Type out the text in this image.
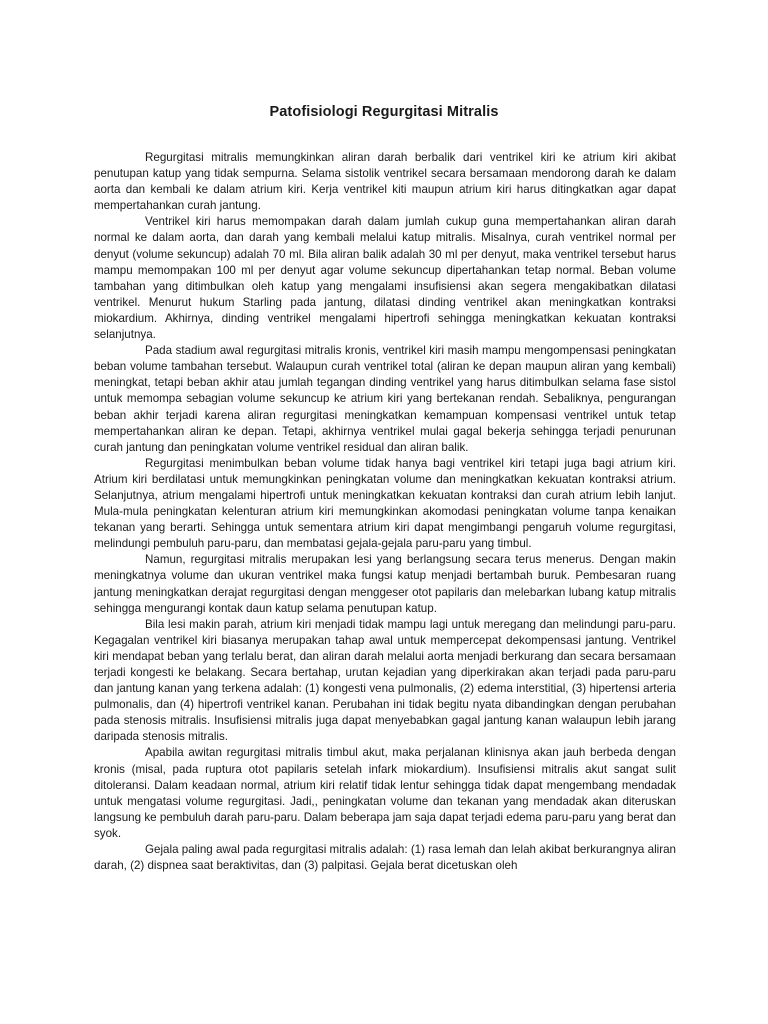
Patofisiologi Regurgitasi Mitralis

Regurgitasi mitralis memungkinkan aliran darah berbalik dari ventrikel kiri ke atrium kiri akibat penutupan katup yang tidak sempurna. Selama sistolik ventrikel secara bersamaan mendorong darah ke dalam aorta dan kembali ke dalam atrium kiri. Kerja ventrikel kiti maupun atrium kiri harus ditingkatkan agar dapat mempertahankan curah jantung.

Ventrikel kiri harus memompakan darah dalam jumlah cukup guna mempertahankan aliran darah normal ke dalam aorta, dan darah yang kembali melalui katup mitralis. Misalnya, curah ventrikel normal per denyut (volume sekuncup) adalah 70 ml. Bila aliran balik adalah 30 ml per denyut, maka ventrikel tersebut harus mampu memompakan 100 ml per denyut agar volume sekuncup dipertahankan tetap normal. Beban volume tambahan yang ditimbulkan oleh katup yang mengalami insufisiensi akan segera mengakibatkan dilatasi ventrikel. Menurut hukum Starling pada jantung, dilatasi dinding ventrikel akan meningkatkan kontraksi miokardium. Akhirnya, dinding ventrikel mengalami hipertrofi sehingga meningkatkan kekuatan kontraksi selanjutnya.

Pada stadium awal regurgitasi mitralis kronis, ventrikel kiri masih mampu mengompensasi peningkatan beban volume tambahan tersebut. Walaupun curah ventrikel total (aliran ke depan maupun aliran yang kembali) meningkat, tetapi beban akhir atau jumlah tegangan dinding ventrikel yang harus ditimbulkan selama fase sistol untuk memompa sebagian volume sekuncup ke atrium kiri yang bertekanan rendah. Sebaliknya, pengurangan beban akhir terjadi karena aliran regurgitasi meningkatkan kemampuan kompensasi ventrikel untuk tetap mempertahankan aliran ke depan. Tetapi, akhirnya ventrikel mulai gagal bekerja sehingga terjadi penurunan curah jantung dan peningkatan volume ventrikel residual dan aliran balik.

Regurgitasi menimbulkan beban volume tidak hanya bagi ventrikel kiri tetapi juga bagi atrium kiri. Atrium kiri berdilatasi untuk memungkinkan peningkatan volume dan meningkatkan kekuatan kontraksi atrium. Selanjutnya, atrium mengalami hipertrofi untuk meningkatkan kekuatan kontraksi dan curah atrium lebih lanjut. Mula-mula peningkatan kelenturan atrium kiri memungkinkan akomodasi peningkatan volume tanpa kenaikan tekanan yang berarti. Sehingga untuk sementara atrium kiri dapat mengimbangi pengaruh volume regurgitasi, melindungi pembuluh paru-paru, dan membatasi gejala-gejala paru-paru yang timbul.

Namun, regurgitasi mitralis merupakan lesi yang berlangsung secara terus menerus. Dengan makin meningkatnya volume dan ukuran ventrikel maka fungsi katup menjadi bertambah buruk. Pembesaran ruang jantung meningkatkan derajat regurgitasi dengan menggeser otot papilaris dan melebarkan lubang katup mitralis sehingga mengurangi kontak daun katup selama penutupan katup.

Bila lesi makin parah, atrium kiri menjadi tidak mampu lagi untuk meregang dan melindungi paru-paru. Kegagalan ventrikel kiri biasanya merupakan tahap awal untuk mempercepat dekompensasi jantung. Ventrikel kiri mendapat beban yang terlalu berat, dan aliran darah melalui aorta menjadi berkurang dan secara bersamaan terjadi kongesti ke belakang. Secara bertahap, urutan kejadian yang diperkirakan akan terjadi pada paru-paru dan jantung kanan yang terkena adalah: (1) kongesti vena pulmonalis, (2) edema interstitial, (3) hipertensi arteria pulmonalis, dan (4) hipertrofi ventrikel kanan. Perubahan ini tidak begitu nyata dibandingkan dengan perubahan pada stenosis mitralis. Insufisiensi mitralis juga dapat menyebabkan gagal jantung kanan walaupun lebih jarang daripada stenosis mitralis.

Apabila awitan regurgitasi mitralis timbul akut, maka perjalanan klinisnya akan jauh berbeda dengan kronis (misal, pada ruptura otot papilaris setelah infark miokardium). Insufisiensi mitralis akut sangat sulit ditoleransi. Dalam keadaan normal, atrium kiri relatif tidak lentur sehingga tidak dapat mengembang mendadak untuk mengatasi volume regurgitasi. Jadi,, peningkatan volume dan tekanan yang mendadak akan diteruskan langsung ke pembuluh darah paru-paru. Dalam beberapa jam saja dapat terjadi edema paru-paru yang berat dan syok.

Gejala paling awal pada regurgitasi mitralis adalah: (1) rasa lemah dan lelah akibat berkurangnya aliran darah, (2) dispnea saat beraktivitas, dan (3) palpitasi. Gejala berat dicetuskan oleh
